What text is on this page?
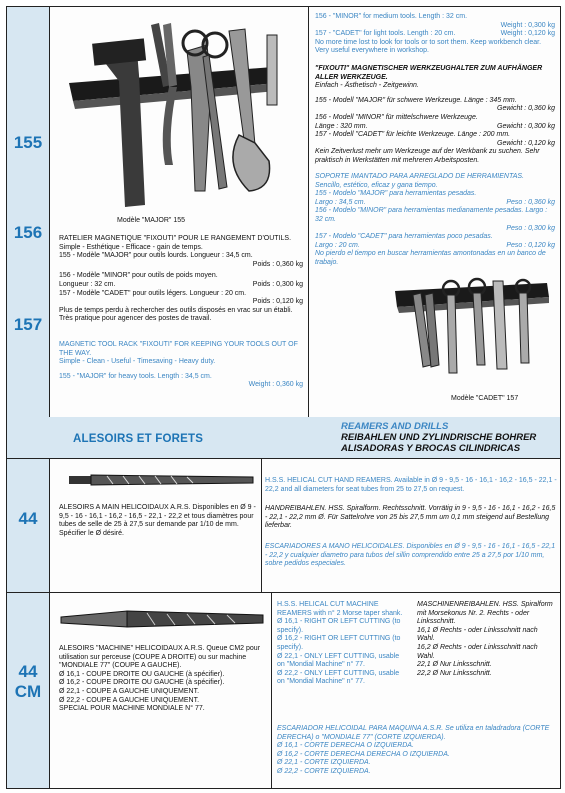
155
156
157
44
44
CM
Modèle "MAJOR" 155
RATELIER MAGNETIQUE "FIXOUTI" POUR LE RANGEMENT D'OUTILS. Simple - Esthétique - Efficace - gain de temps.
155 - Modèle "MAJOR" pour outils lourds. Longueur : 34,5 cm.
Poids : 0,360 kg
156 - Modèle "MINOR" pour outils de poids moyen.
Longueur : 32 cm.	Poids : 0,300 kg
157 - Modèle "CADET" pour outils légers. Longueur : 20 cm.
Poids : 0,120 kg
Plus de temps perdu à rechercher des outils disposés en vrac sur un établi. Très pratique pour agencer des postes de travail.
MAGNETIC TOOL RACK "FIXOUTI" FOR KEEPING YOUR TOOLS OUT OF THE WAY.
Simple - Clean - Useful - Timesaving - Heavy duty.
155 - "MAJOR" for heavy tools. Length : 34,5 cm.
Weight : 0,360 kg
156 - "MINOR" for medium tools. Length : 32 cm.
Weight : 0,300 kg
157 - "CADET" for light tools. Length : 20 cm.	Weight : 0,120 kg
No more time lost to look for tools or to sort them. Keep workbench clear. Very useful everywhere in workshop.
"FIXOUTI" MAGNETISCHER WERKZEUGHALTER ZUM AUFHÄNGER ALLER WERKZEUGE.
Einfach - Ästhetisch - Zeitgewinn.
155 - Modell "MAJOR" für schwere Werkzeuge. Länge : 345 mm.
Gewicht : 0,360 kg
156 - Modell "MINOR" für mittelschwere Werkzeuge.
Länge : 320 mm.	Gewicht : 0,300 kg
157 - Modell "CADET" für leichte Werkzeuge. Länge : 200 mm.
Gewicht : 0,120 kg
Kein Zeitverlust mehr um Werkzeuge auf der Werkbank zu suchen. Sehr praktisch in Werkstätten mit mehreren Arbeitsposten.
SOPORTE IMANTADO PARA ARREGLADO DE HERRAMIENTAS.
Sencillo, estético, eficaz y gana tiempo.
155 - Modelo "MAJOR" para herramientas pesadas.
Largo : 34,5 cm.	Peso : 0,360 kg
156 - Modelo "MINOR" para herramientas medianamente pesadas. Largo : 32 cm.
Peso : 0,300 kg
157 - Modelo "CADET" para herramientas poco pesadas.
Largo : 20 cm.	Peso : 0,120 kg
No pierdo el tiempo en buscar herramientas amontonadas en un banco de trabajo.
Modèle "CADET" 157
ALESOIRS ET FORETS
REAMERS AND DRILLS
REIBAHLEN UND ZYLINDRISCHE BOHRER
ALISADORAS Y BROCAS CILINDRICAS
ALESOIRS A MAIN HELICOIDAUX A.R.S. Disponibles en Ø 9 - 9,5 - 16 - 16,1 - 16,2 - 16,5 - 22,1 - 22,2 et tous diamètres pour tubes de selle de 25 à 27,5 sur demande par 1/10 de mm. Spécifier le Ø désiré.
H.S.S. HELICAL CUT HAND REAMERS. Available in Ø 9 - 9,5 - 16 - 16,1 - 16,2 - 16,5 - 22,1 - 22,2 and all diameters for seat tubes from 25 to 27,5 on request.
HANDREIBAHLEN. HSS. Spiralform. Rechtsschnitt. Vorrätig in 9 - 9,5 - 16 - 16,1 - 16,2 - 16,5 - 22,1 - 22,2 mm Ø. Für Sattelrohre von 25 bis 27,5 mm um 0,1 mm steigend auf Bestellung lieferbar.
ESCARIADORES A MANO HELICOIDALES. Disponibles en Ø 9 - 9,5 - 16 - 16,1 - 16,5 - 22,1 - 22,2 y cualquier diametro para tubos del sillin comprendido entre 25 a 27,5 por 1/10 mm, sobre pedidos especiales.
ALESOIRS "MACHINE" HELICOIDAUX A.R.S. Queue CM2 pour utilisation sur perceuse (COUPE A DROITE) ou sur machine "MONDIALE 77" (COUPE A GAUCHE).
Ø 16,1 - COUPE DROITE OU GAUCHE (à spécifier).
Ø 16,2 - COUPE DROITE OU GAUCHE (à spécifier).
Ø 22,1 - COUPE A GAUCHE UNIQUEMENT.
Ø 22,2 - COUPE A GAUCHE UNIQUEMENT.
SPECIAL POUR MACHINE MONDIALE N° 77.
H.S.S. HELICAL CUT MACHINE REAMERS with n° 2 Morse taper shank.
Ø 16,1 - RIGHT OR LEFT CUTTING (to specify).
Ø 16,2 - RIGHT OR LEFT CUTTING (to specify).
Ø 22,1 - ONLY LEFT CUTTING, usable on "Mondial Machine" n° 77.
Ø 22,2 - ONLY LEFT CUTTING, usable on "Mondial Machine" n° 77.
MASCHINENREIBAHLEN. HSS. Spiralform mit Morsekonus Nr. 2. Rechts - oder Linksschnitt.
16,1 Ø Rechts - oder Linksschnitt nach Wahl.
16,2 Ø Rechts - oder Linksschnitt nach Wahl.
22,1 Ø Nur Linksschnitt.
22,2 Ø Nur Linksschnitt.
ESCARIADOR HELICOIDAL PARA MAQUINA A.S.R. Se utiliza en taladradora (CORTE DERECHA) o "MONDIALE 77" (CORTE IZQUIERDA).
Ø 16,1 - CORTE DERECHA O IZQUIERDA.
Ø 16,2 - CORTE DERECHA DERECHA O IZQUIERDA.
Ø 22,1 - CORTE IZQUIERDA.
Ø 22,2 - CORTE IZQUIERDA.
